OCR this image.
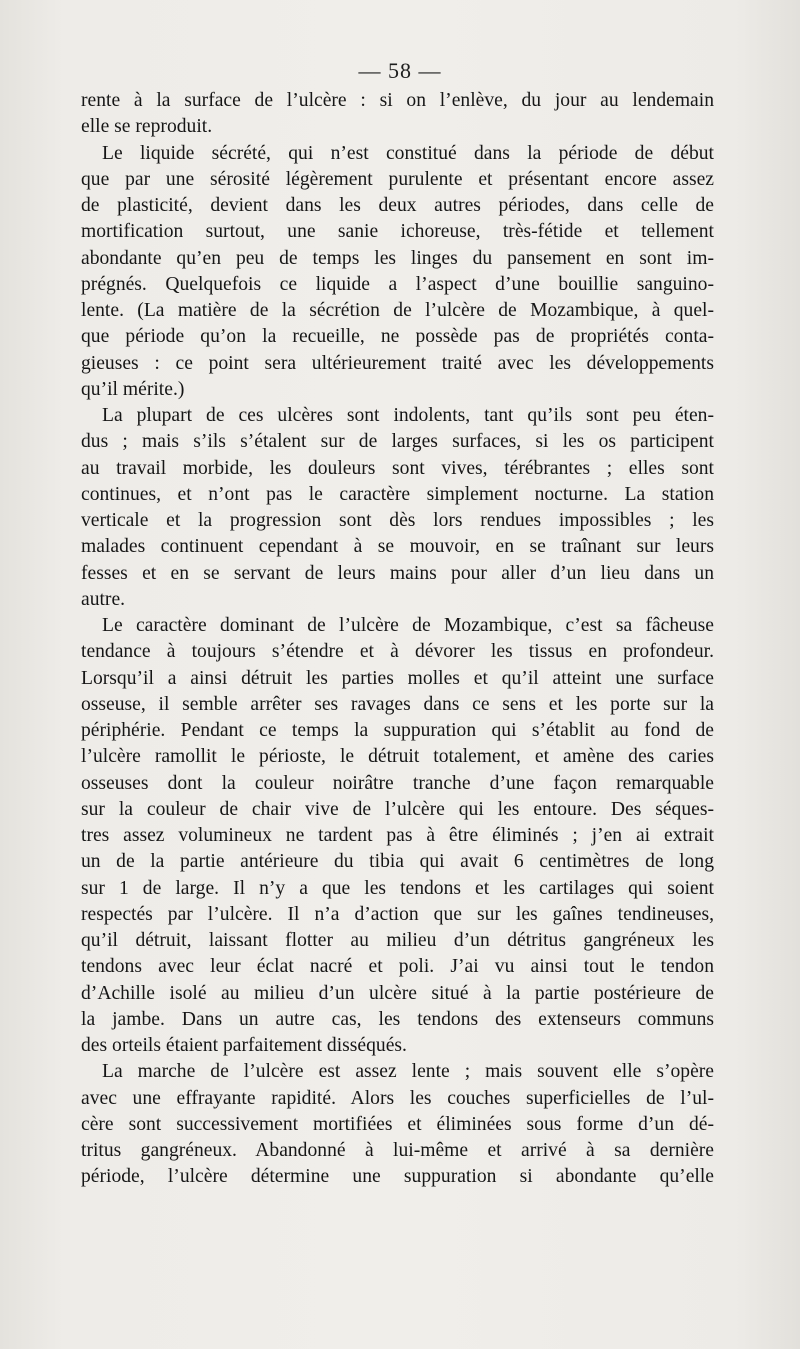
— 58 —

rente à la surface de l’ulcère : si on l’enlève, du jour au lendemain
elle se reproduit.

Le liquide sécrété, qui n’est constitué dans la période de début
que par une sérosité légèrement purulente et présentant encore assez
de plasticité, devient dans les deux autres périodes, dans celle de
mortification surtout, une sanie ichoreuse, très-fétide et tellement
abondante qu’en peu de temps les linges du pansement en sont im-
prégnés. Quelquefois ce liquide a l’aspect d’une bouillie sanguino-
lente. (La matière de la sécrétion de l’ulcère de Mozambique, à quel-
que période qu’on la recueille, ne possède pas de propriétés conta-
gieuses : ce point sera ultérieurement traité avec les développements
qu’il mérite.)

La plupart de ces ulcères sont indolents, tant qu’ils sont peu éten-
dus ; mais s’ils s’étalent sur de larges surfaces, si les os participent
au travail morbide, les douleurs sont vives, térébrantes ; elles sont
continues, et n’ont pas le caractère simplement nocturne. La station
verticale et la progression sont dès lors rendues impossibles ; les
malades continuent cependant à se mouvoir, en se traînant sur leurs
fesses et en se servant de leurs mains pour aller d’un lieu dans un
autre.

Le caractère dominant de l’ulcère de Mozambique, c’est sa fâcheuse
tendance à toujours s’étendre et à dévorer les tissus en profondeur.
Lorsqu’il a ainsi détruit les parties molles et qu’il atteint une surface
osseuse, il semble arrêter ses ravages dans ce sens et les porte sur la
périphérie. Pendant ce temps la suppuration qui s’établit au fond de
l’ulcère ramollit le périoste, le détruit totalement, et amène des caries
osseuses dont la couleur noirâtre tranche d’une façon remarquable
sur la couleur de chair vive de l’ulcère qui les entoure. Des séques-
tres assez volumineux ne tardent pas à être éliminés ; j’en ai extrait
un de la partie antérieure du tibia qui avait 6 centimètres de long
sur 1 de large. Il n’y a que les tendons et les cartilages qui soient
respectés par l’ulcère. Il n’a d’action que sur les gaînes tendineuses,
qu’il détruit, laissant flotter au milieu d’un détritus gangréneux les
tendons avec leur éclat nacré et poli. J’ai vu ainsi tout le tendon
d’Achille isolé au milieu d’un ulcère situé à la partie postérieure de
la jambe. Dans un autre cas, les tendons des extenseurs communs
des orteils étaient parfaitement disséqués.

La marche de l’ulcère est assez lente ; mais souvent elle s’opère
avec une effrayante rapidité. Alors les couches superficielles de l’ul-
cère sont successivement mortifiées et éliminées sous forme d’un dé-
tritus gangréneux. Abandonné à lui-même et arrivé à sa dernière
période, l’ulcère détermine une suppuration si abondante qu’elle
